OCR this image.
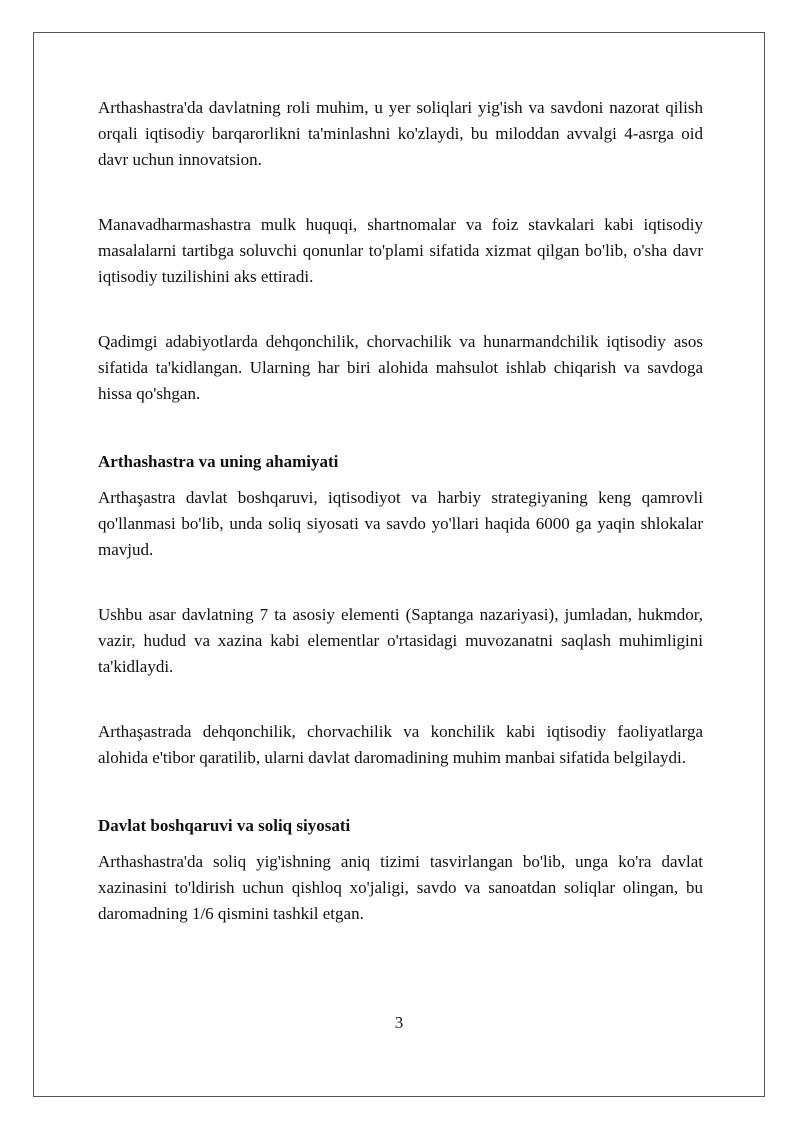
Arthashastra'da davlatning roli muhim, u yer soliqlari yig'ish va savdoni nazorat qilish orqali iqtisodiy barqarorlikni ta'minlashni ko'zlaydi, bu miloddan avvalgi 4-asrga oid davr uchun innovatsion.

Manavadharmashastra mulk huquqi, shartnomalar va foiz stavkalari kabi iqtisodiy masalalarni tartibga soluvchi qonunlar to'plami sifatida xizmat qilgan bo'lib, o'sha davr iqtisodiy tuzilishini aks ettiradi.

Qadimgi adabiyotlarda dehqonchilik, chorvachilik va hunarmandchilik iqtisodiy asos sifatida ta'kidlangan. Ularning har biri alohida mahsulot ishlab chiqarish va savdoga hissa qo'shgan.

Arthashastra va uning ahamiyati

Arthaşastra davlat boshqaruvi, iqtisodiyot va harbiy strategiyaning keng qamrovli qo'llanmasi bo'lib, unda soliq siyosati va savdo yo'llari haqida 6000 ga yaqin shlokalar mavjud.

Ushbu asar davlatning 7 ta asosiy elementi (Saptanga nazariyasi), jumladan, hukmdor, vazir, hudud va xazina kabi elementlar o'rtasidagi muvozanatni saqlash muhimligini ta'kidlaydi.

Arthaşastrada dehqonchilik, chorvachilik va konchilik kabi iqtisodiy faoliyatlarga alohida e'tibor qaratilib, ularni davlat daromadining muhim manbai sifatida belgilaydi.

Davlat boshqaruvi va soliq siyosati

Arthashastra'da soliq yig'ishning aniq tizimi tasvirlangan bo'lib, unga ko'ra davlat xazinasini to'ldirish uchun qishloq xo'jaligi, savdo va sanoatdan soliqlar olingan, bu daromadning 1/6 qismini tashkil etgan.

3
